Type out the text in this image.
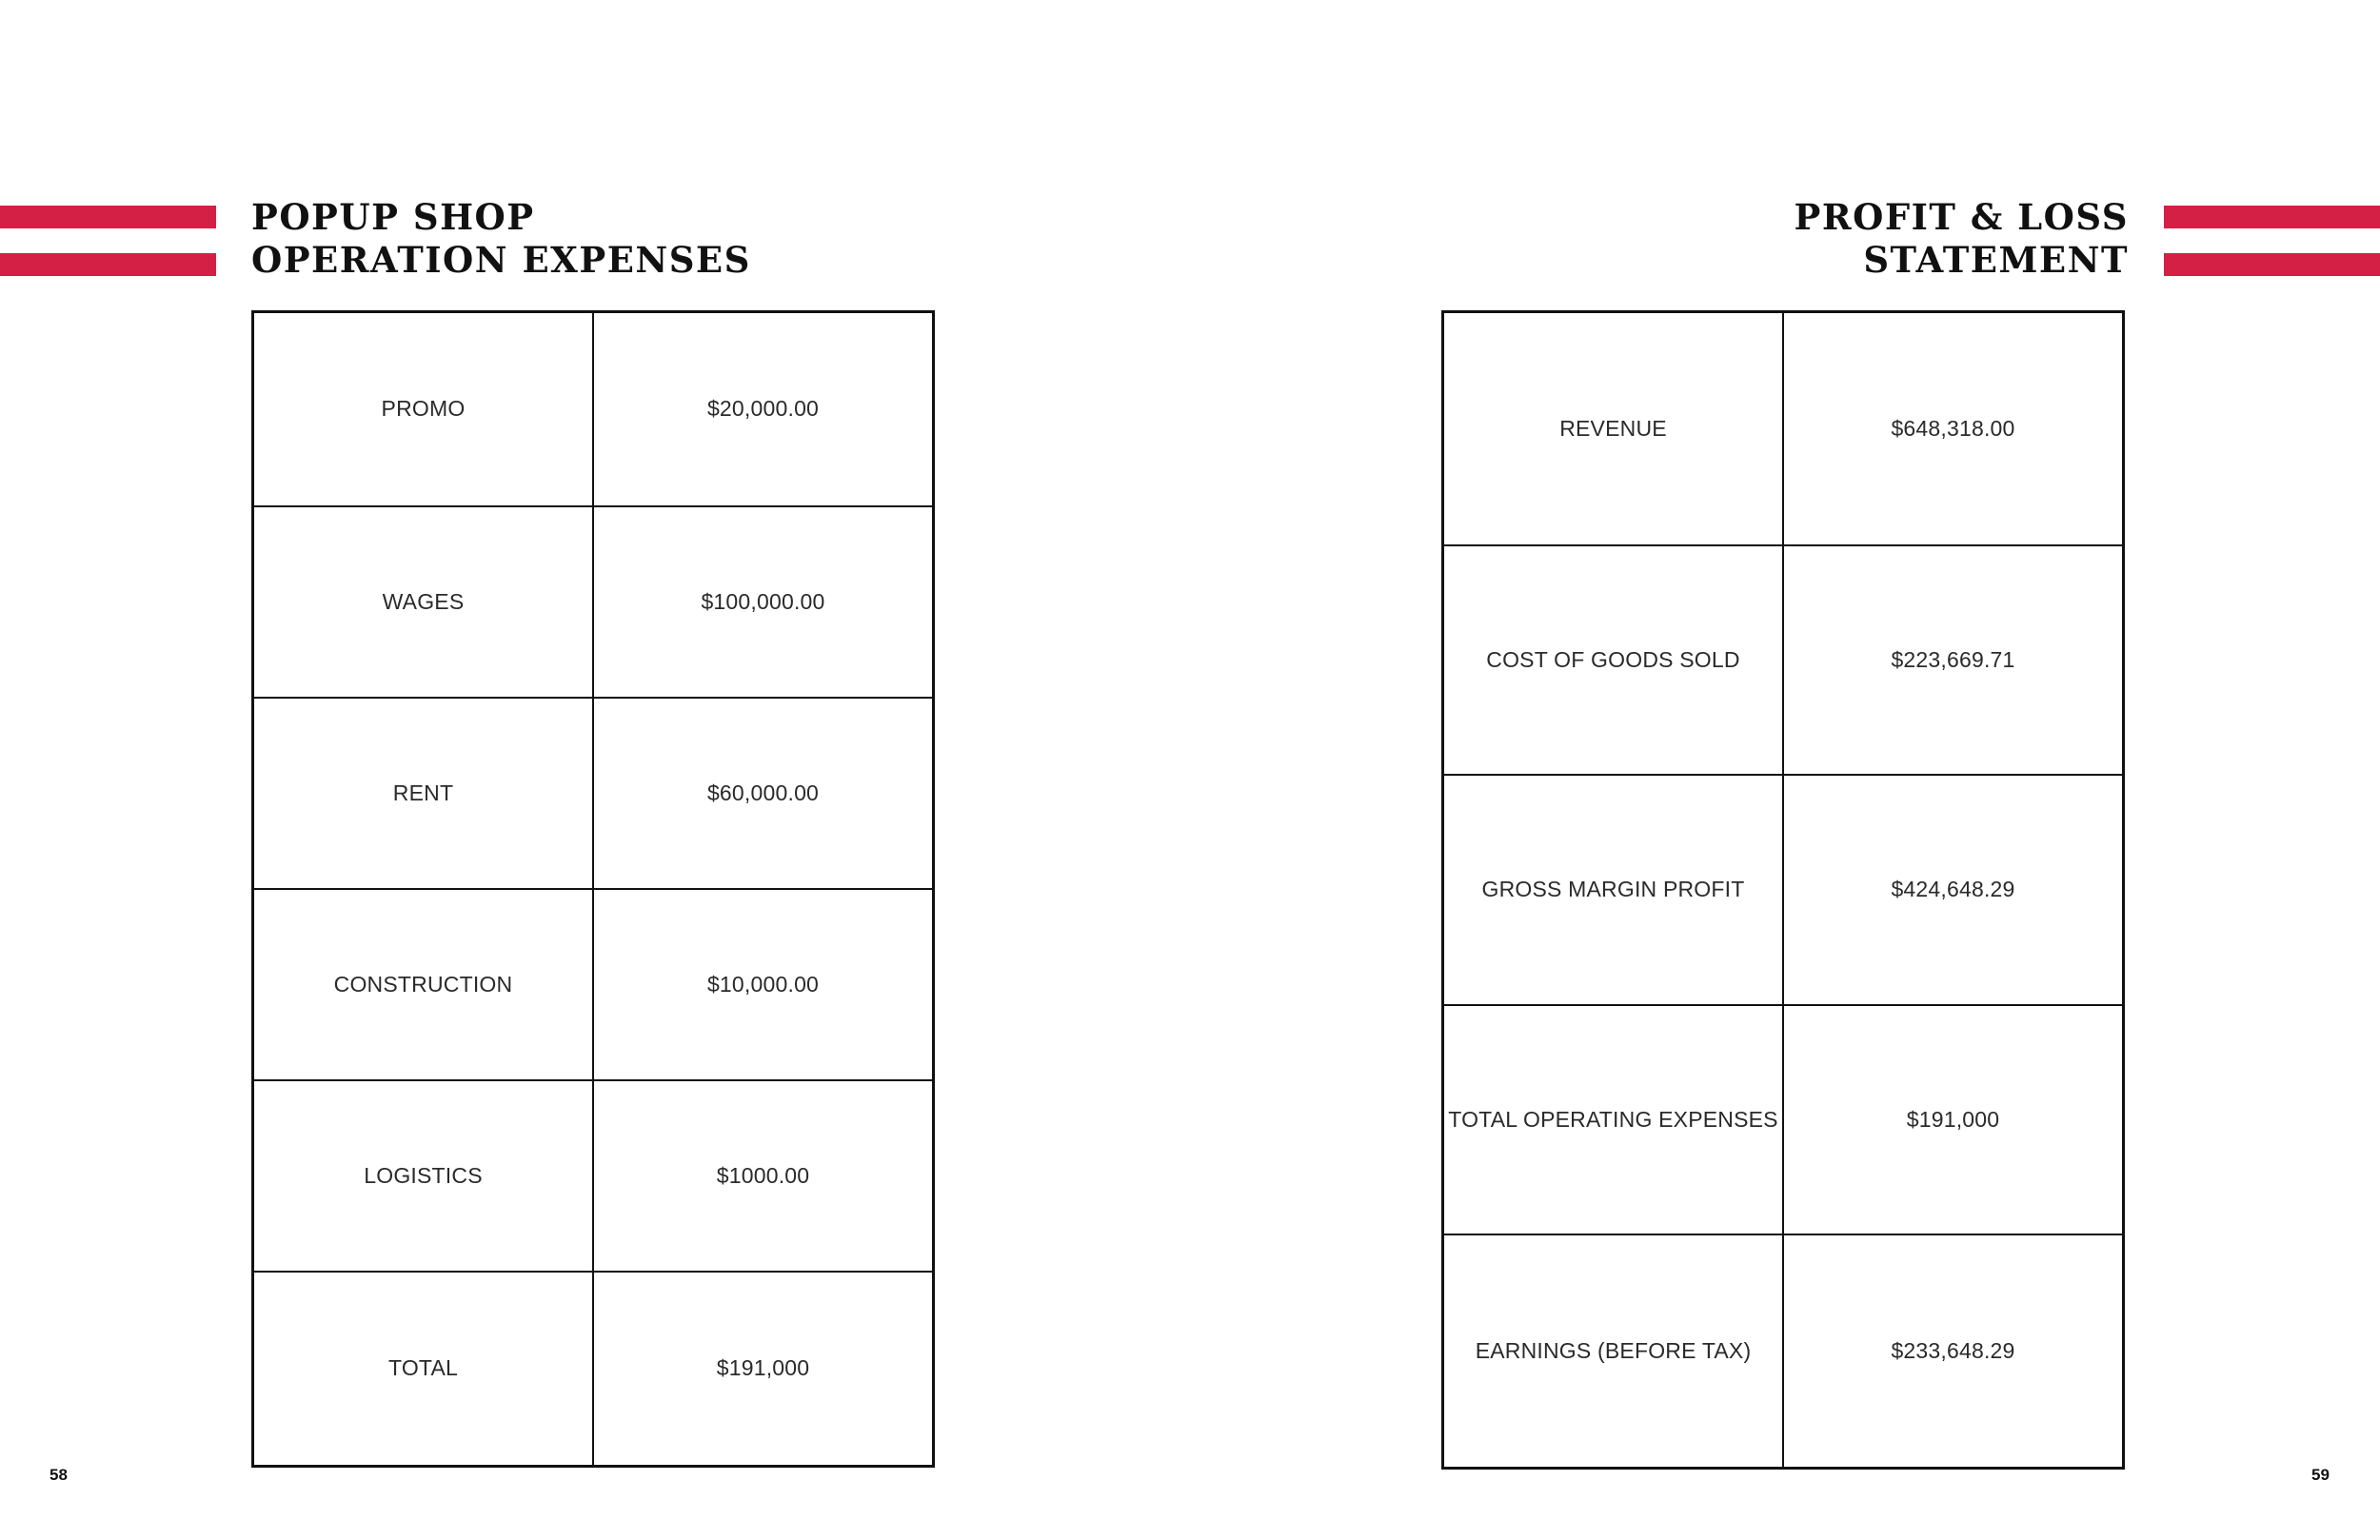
POPUP SHOP
OPERATION EXPENSES
PROMO	$20,000.00
WAGES	$100,000.00
RENT	$60,000.00
CONSTRUCTION	$10,000.00
LOGISTICS	$1000.00
TOTAL	$191,000
58
PROFIT & LOSS
STATEMENT
REVENUE	$648,318.00
COST OF GOODS SOLD	$223,669.71
GROSS MARGIN PROFIT	$424,648.29
TOTAL OPERATING EXPENSES	$191,000
EARNINGS (BEFORE TAX)	$233,648.29
59
